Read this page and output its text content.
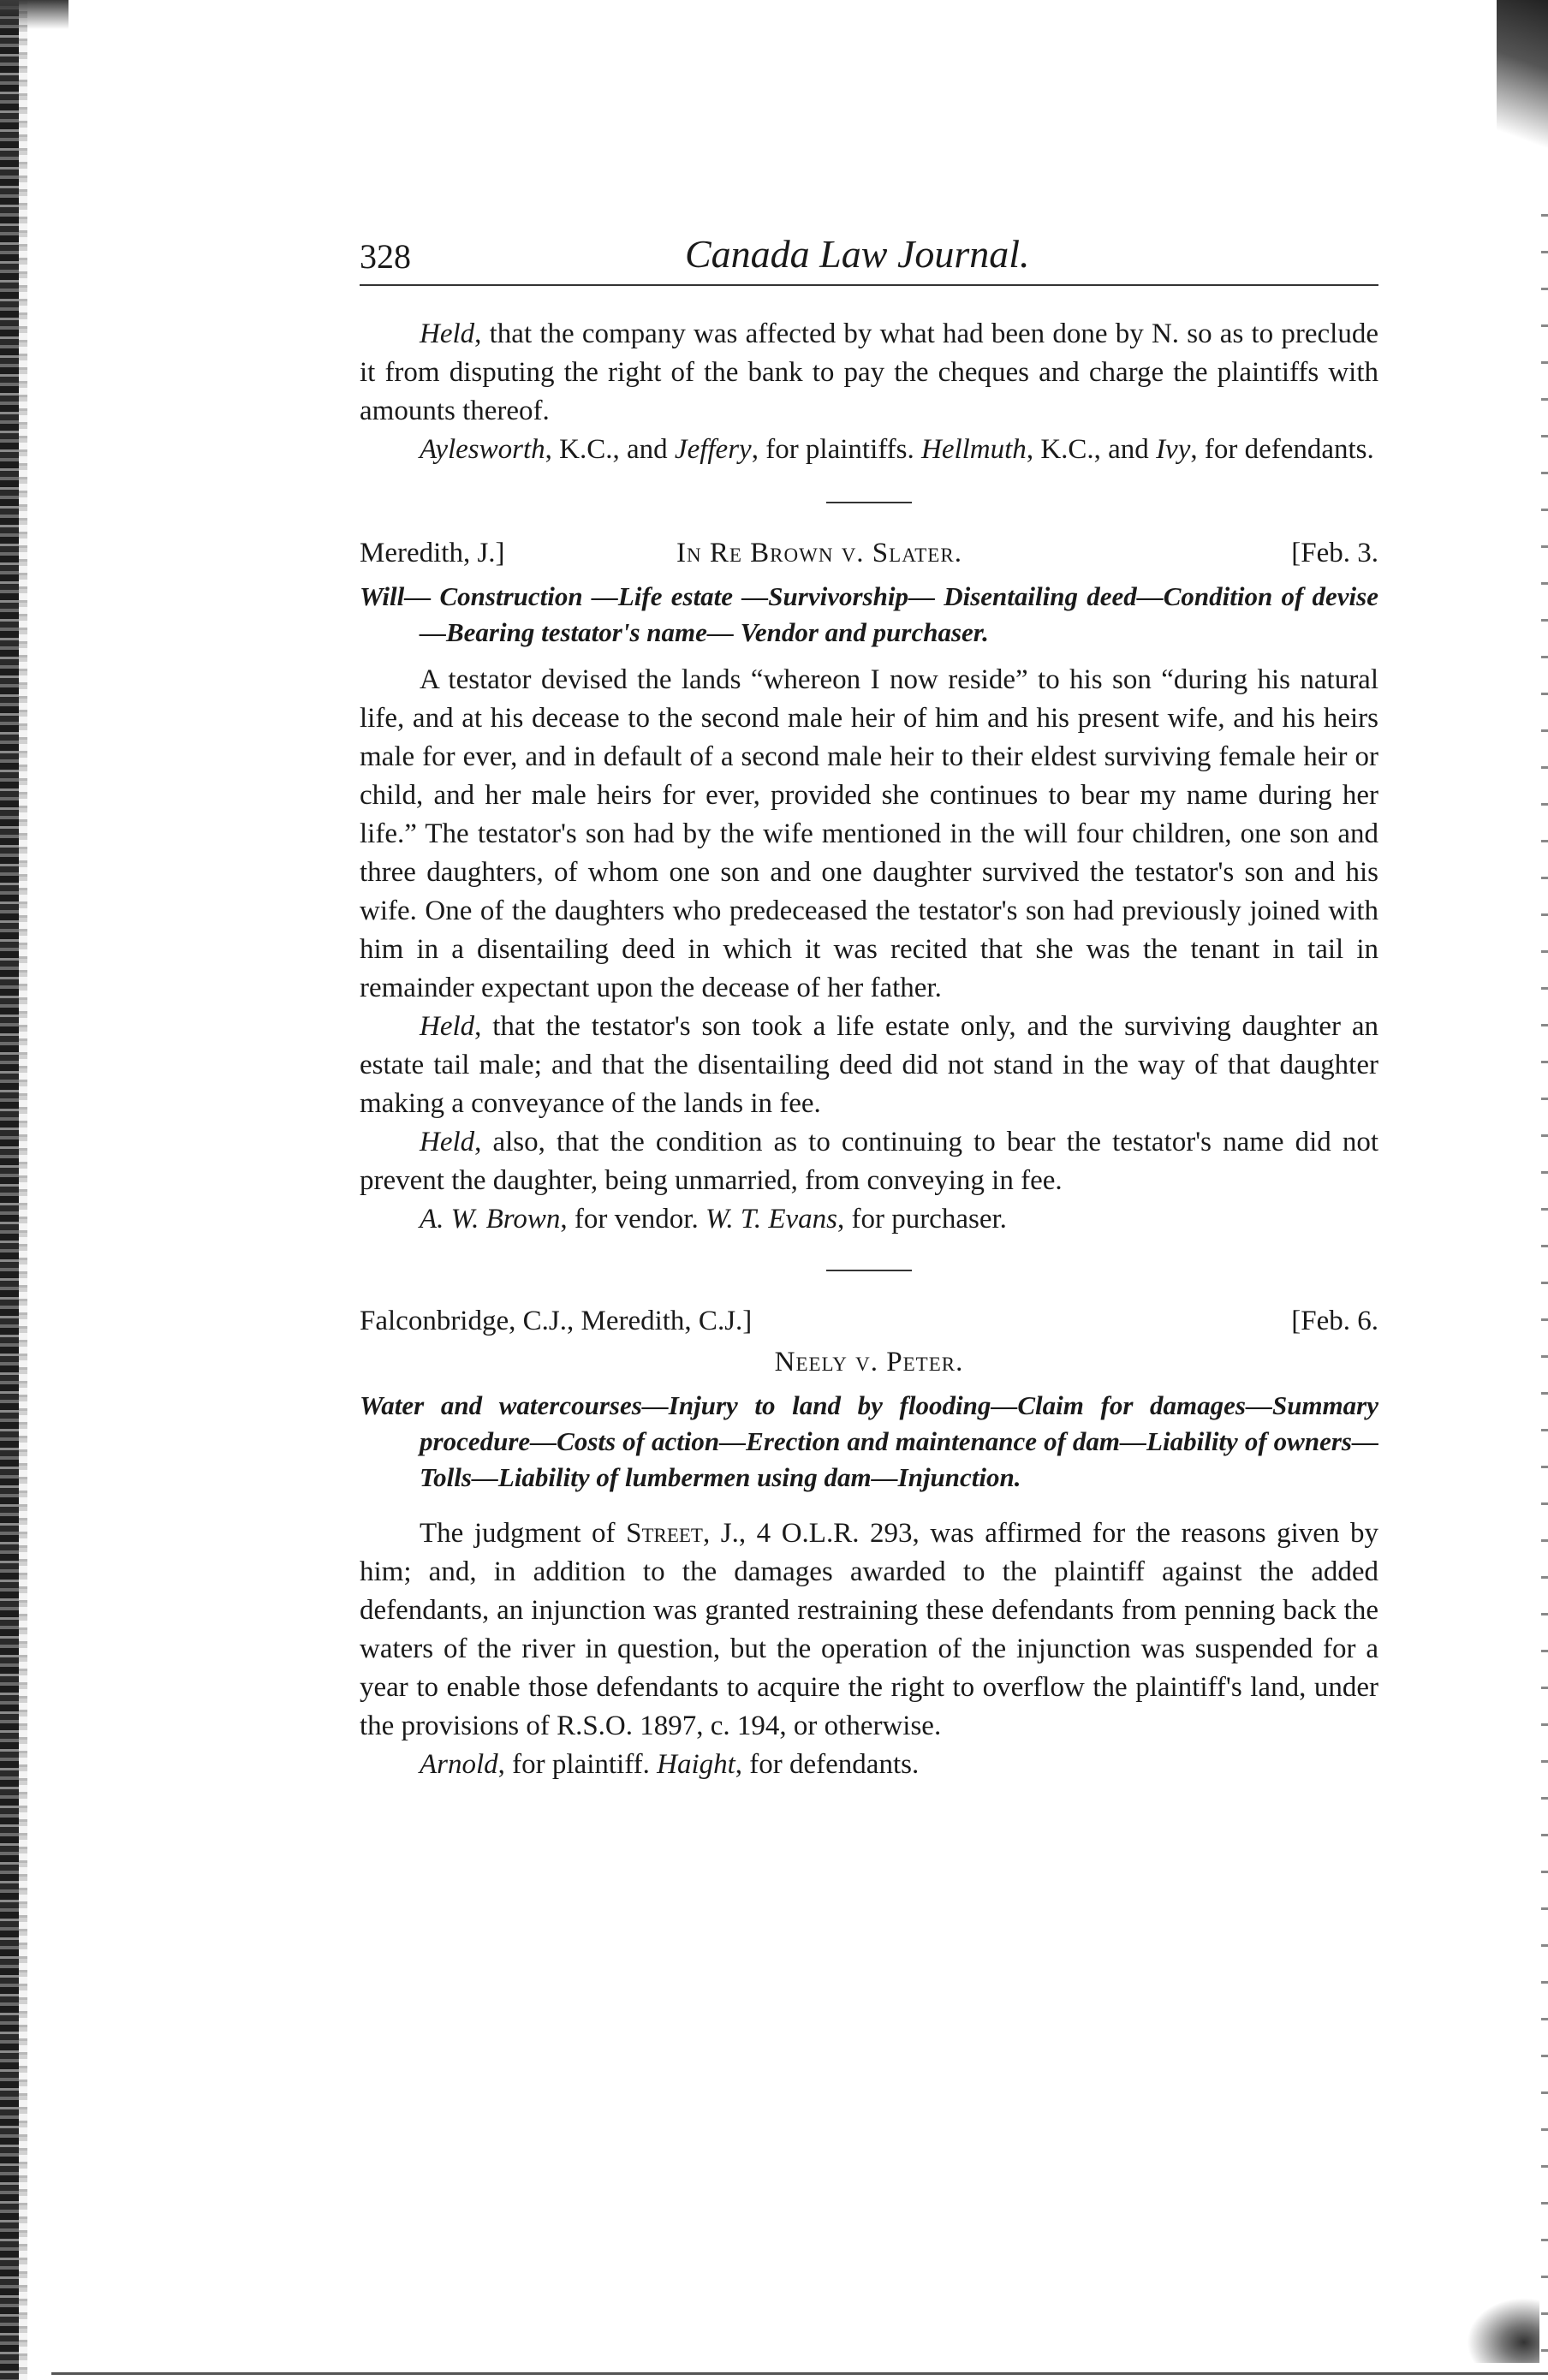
328	Canada Law Journal.

Held, that the company was affected by what had been done by N. so as to preclude it from disputing the right of the bank to pay the cheques and charge the plaintiffs with amounts thereof.

Aylesworth, K.C., and Jeffery, for plaintiffs. Hellmuth, K.C., and Ivy, for defendants.

Meredith, J.]	In Re Brown v. Slater.	[Feb. 3.

Will— Construction —Life estate —Survivorship— Disentailing deed—Condition of devise—Bearing testator's name— Vendor and purchaser.

A testator devised the lands “whereon I now reside” to his son “during his natural life, and at his decease to the second male heir of him and his present wife, and his heirs male for ever, and in default of a second male heir to their eldest surviving female heir or child, and her male heirs for ever, provided she continues to bear my name during her life.” The testator's son had by the wife mentioned in the will four children, one son and three daughters, of whom one son and one daughter survived the testator's son and his wife. One of the daughters who predeceased the testator's son had previously joined with him in a disentailing deed in which it was recited that she was the tenant in tail in remainder expectant upon the decease of her father.

Held, that the testator's son took a life estate only, and the surviving daughter an estate tail male; and that the disentailing deed did not stand in the way of that daughter making a conveyance of the lands in fee.

Held, also, that the condition as to continuing to bear the testator's name did not prevent the daughter, being unmarried, from conveying in fee.

A. W. Brown, for vendor. W. T. Evans, for purchaser.

Falconbridge, C.J., Meredith, C.J.]	[Feb. 6.
Neely v. Peter.

Water and watercourses—Injury to land by flooding—Claim for damages—Summary procedure—Costs of action—Erection and maintenance of dam—Liability of owners—Tolls—Liability of lumbermen using dam—Injunction.

The judgment of Street, J., 4 O.L.R. 293, was affirmed for the reasons given by him; and, in addition to the damages awarded to the plaintiff against the added defendants, an injunction was granted restraining these defendants from penning back the waters of the river in question, but the operation of the injunction was suspended for a year to enable those defendants to acquire the right to overflow the plaintiff's land, under the provisions of R.S.O. 1897, c. 194, or otherwise.

Arnold, for plaintiff. Haight, for defendants.
